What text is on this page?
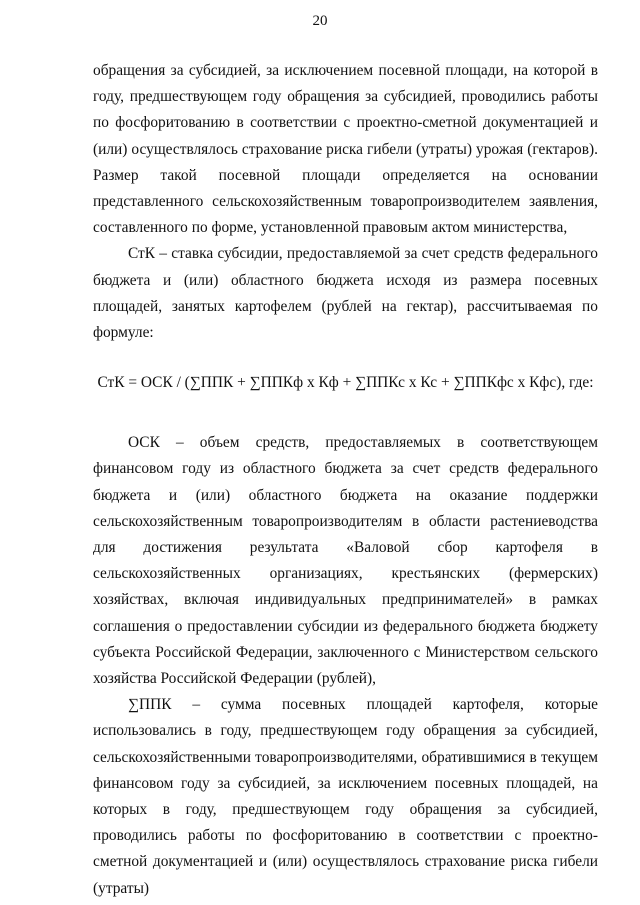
20

обращения за субсидией, за исключением посевной площади, на которой в году, предшествующем году обращения за субсидией, проводились работы по фосфоритованию в соответствии с проектно-сметной документацией и (или) осуществлялось страхование риска гибели (утраты) урожая (гектаров). Размер такой посевной площади определяется на основании представленного сельскохозяйственным товаропроизводителем заявления, составленного по форме, установленной правовым актом министерства,

СтК – ставка субсидии, предоставляемой за счет средств федерального бюджета и (или) областного бюджета исходя из размера посевных площадей, занятых картофелем (рублей на гектар), рассчитываемая по формуле:

СтК = ОСК / (∑ППК + ∑ППКф х Кф + ∑ППКс х Кс + ∑ППКфс х Кфс), где:

ОСК – объем средств, предоставляемых в соответствующем финансовом году из областного бюджета за счет средств федерального бюджета и (или) областного бюджета на оказание поддержки сельскохозяйственным товаропроизводителям в области растениеводства для достижения результата «Валовой сбор картофеля в сельскохозяйственных организациях, крестьянских (фермерских) хозяйствах, включая индивидуальных предпринимателей» в рамках соглашения о предоставлении субсидии из федерального бюджета бюджету субъекта Российской Федерации, заключенного с Министерством сельского хозяйства Российской Федерации (рублей),

∑ППК – сумма посевных площадей картофеля, которые использовались в году, предшествующем году обращения за субсидией, сельскохозяйственными товаропроизводителями, обратившимися в текущем финансовом году за субсидией, за исключением посевных площадей, на которых в году, предшествующем году обращения за субсидией, проводились работы по фосфоритованию в соответствии с проектно-сметной документацией и (или) осуществлялось страхование риска гибели (утраты)
